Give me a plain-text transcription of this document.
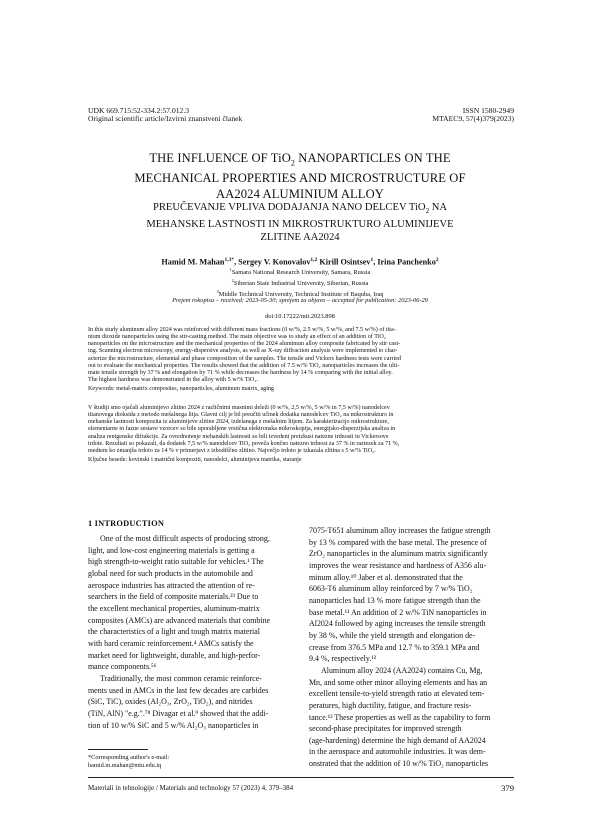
UDK 669.715:52-334.2:57.012.3
Original scientific article/Izvirni znanstveni članek
ISSN 1580-2949
MTAEC9, 57(4)379(2023)
THE INFLUENCE OF TiO$_2$ NANOPARTICLES ON THE
MECHANICAL PROPERTIES AND MICROSTRUCTURE OF
AA2024 ALUMINIUM ALLOY
PREUČEVANJE VPLIVA DODAJANJA NANO DELCEV TiO$_2$ NA
MEHANSKE LASTNOSTI IN MIKROSTRUKTURO ALUMINIJEVE
ZLITINE AA2024
Hamid M. Mahan$^{1,3*}$, Sergey V. Konovalov$^{1,2}$ Kirill Osintsev$^1$, Irina Panchenko$^2$
$^1$Samara National Research University, Samara, Russia
$^2$Siberian State Industrial University, Siberian, Russia
$^3$Middle Technical University, Technical Institute of Baquba, Iraq
Prejem rokopisa – received: 2023-05-30; sprejem za objavo – accepted for publication: 2023-06-29
doi:10.17222/mit.2023.898
In this study aluminum alloy 2024 was reinforced with different mass fractions (0 w/%, 2.5 w/%, 5 w/%, and 7.5 w/%) of tita-
nium dioxide nanoparticles using the stir-casting method. The main objective was to study an effect of an addition of TiO₂
nanoparticles on the microstructure and the mechanical properties of the 2024 aluminum alloy composite fabricated by stir cast-
ing. Scanning electron microscopy, energy-dispersive analysis, as well as X-ray diffraction analysis were implemented to char-
acterize the microstructure, elemental and phase composition of the samples. The tensile and Vickers hardness tests were carried
out to evaluate the mechanical properties. The results showed that the addition of 7.5 w/% TiO₂ nanoparticles increases the ulti-
mate tensile strength by 37 % and elongation by 71 % while decreases the hardness by 14 % comparing with the initial alloy.
The highest hardness was demonstrated in the alloy with 5 w/% TiO₂.
Keywords: metal-matrix composites, nanoparticles, aluminum matrix, aging
V študiji smo ojačali aluminijevo zlitino 2024 z različnimi masnimi deleži (0 w/%, 2,5 w/%, 5 w/% in 7,5 w/%) nanodelcev
titanovega dioksida z metodo mešalnega litja. Glavni cilj je bil preučiti učinek dodatka nanodelcev TiO₂ na mikrostrukturo in
mehanske lastnosti kompozita iz aluminijeve zlitine 2024, izdelanega z mešalnim litjem. Za karakterizacijo mikrostrukture,
elementarne in fazne sestave vzorcev so bile uporabljene vrstična elektronska mikroskopija, energijsko-disperzijska analiza in
analiza rentgenske difrakcije. Za ovrednotenje mehanskih lastnosti so bili izvedeni preizkusi natezne trdnosti in Vickersove
trdote. Rezultati so pokazali, da dodatek 7,5 w/% nanodelcev TiO₂ poveča končno natezno trdnost za 37 % in raztezek za 71 %,
medtem ko zmanjša trdoto za 14 % v primerjavi z izhodiščno zlitino. Največjo trdoto je izkazala zlitina s 5 w/% TiO₂.
Ključne besede: kovinski i matrični kompoziti, nanodelci, aluminijeva matrika, staranje
1 INTRODUCTION
One of the most difficult aspects of producing strong,
light, and low-cost engineering materials is getting a
high strength-to-weight ratio suitable for vehicles.¹ The
global need for such products in the automobile and
aerospace industries has attracted the attention of re-
searchers in the field of composite materials.²³ Due to
the excellent mechanical properties, aluminum-matrix
composites (AMCs) are advanced materials that combine
the characteristics of a light and tough matrix material
with hard ceramic reinforcement.⁴ AMCs satisfy the
market need for lightweight, durable, and high-perfor-
mance components.⁵⁶
Traditionally, the most common ceramic reinforce-
ments used in AMCs in the last few decades are carbides
(SiC, TiC), oxides (Al₂O₃, ZrO₂, TiO₂), and nitrides
(TiN, AlN) "e.g.".⁷⁸ Divagar et al.⁹ showed that the addi-
tion of 10 w/% SiC and 5 w/% Al₂O₃ nanoparticles in
*Corresponding author's e-mail:
hamid.m.mahan@mtu.edu.iq
7075-T651 aluminum alloy increases the fatigue strength
by 13 % compared with the base metal. The presence of
ZrO₂ nanoparticles in the aluminum matrix significantly
improves the wear resistance and hardness of A356 alu-
minum alloy.¹⁰ Jaber et al. demonstrated that the
6063-T6 aluminum alloy reinforced by 7 w/% TiO₂
nanoparticles had 13 % more fatigue strength than the
base metal.¹¹ An addition of 2 w/% TiN nanoparticles in
Al2024 followed by aging increases the tensile strength
by 38 %, while the yield strength and elongation de-
crease from 376.5 MPa and 12.7 % to 359.1 MPa and
9.4 %, respectively.¹²
Aluminum alloy 2024 (AA2024) contains Cu, Mg,
Mn, and some other minor alloying elements and has an
excellent tensile-to-yield strength ratio at elevated tem-
peratures, high ductility, fatigue, and fracture resis-
tance.¹³ These properties as well as the capability to form
second-phase precipitates for improved strength
(age-hardening) determine the high demand of AA2024
in the aerospace and automobile industries. It was dem-
onstrated that the addition of 10 w/% TiO₂ nanoparticles
Materiali in tehnologije / Materials and technology 57 (2023) 4, 379–384	379
